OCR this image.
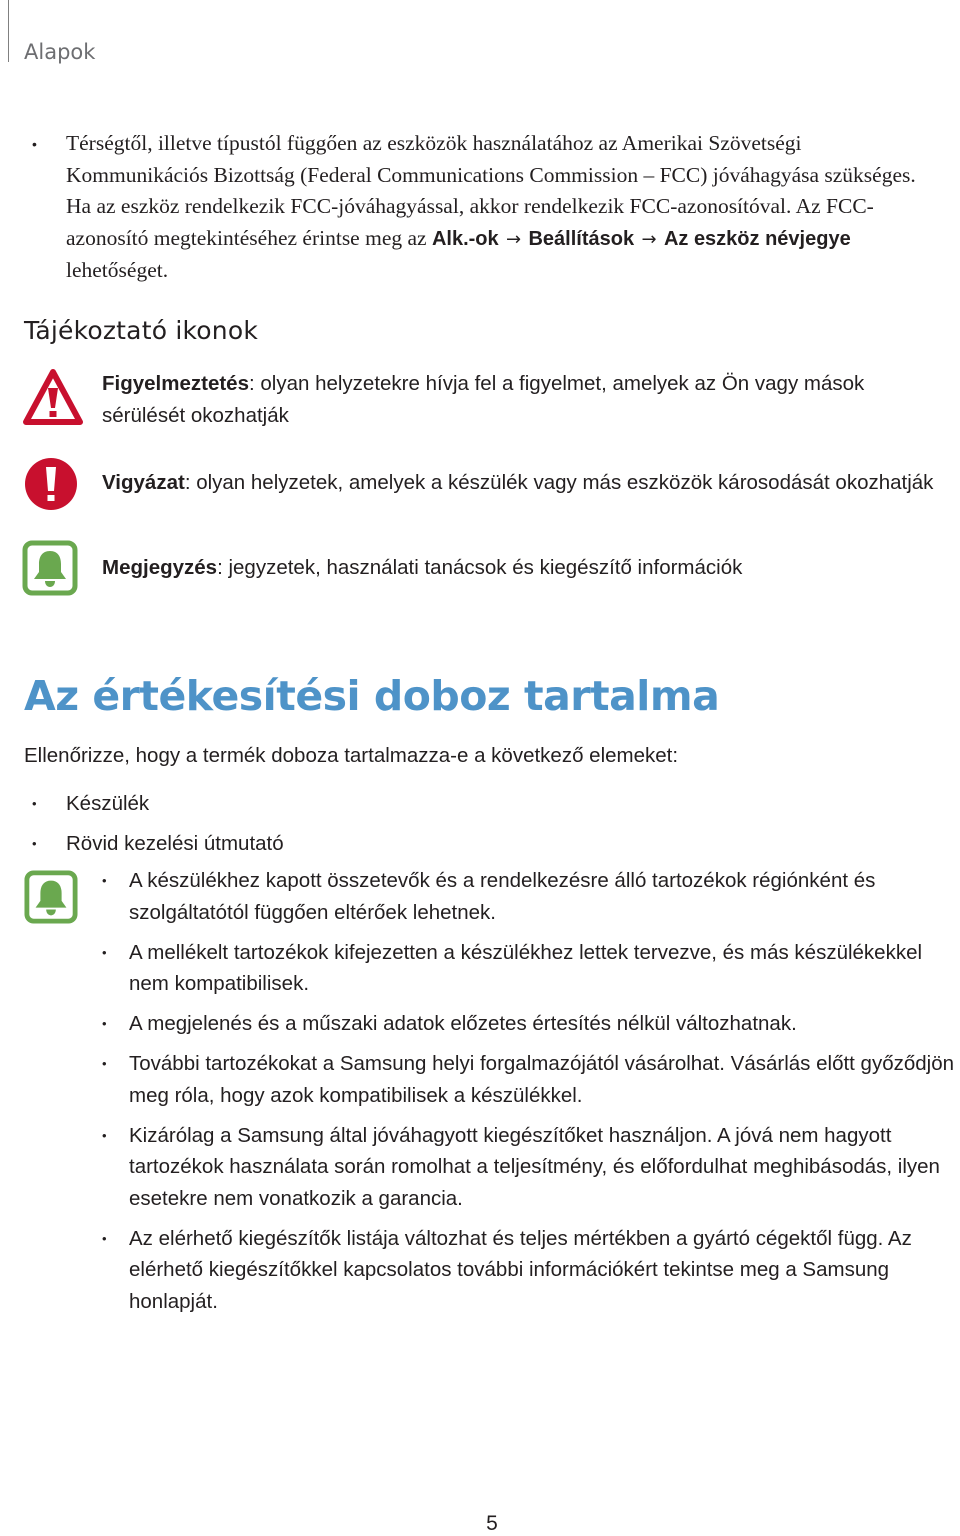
Alapok
•	Térségtől, illetve típustól függően az eszközök használatához az Amerikai Szövetségi Kommunikációs Bizottság (Federal Communications Commission – FCC) jóváhagyása szükséges. Ha az eszköz rendelkezik FCC-jóváhagyással, akkor rendelkezik FCC-azonosítóval. Az FCC-azonosító megtekintéséhez érintse meg az Alk.-ok → Beállítások → Az eszköz névjegye lehetőséget.
Tájékoztató ikonok
Figyelmeztetés: olyan helyzetekre hívja fel a figyelmet, amelyek az Ön vagy mások sérülését okozhatják
Vigyázat: olyan helyzetek, amelyek a készülék vagy más eszközök károsodását okozhatják
Megjegyzés: jegyzetek, használati tanácsok és kiegészítő információk
Az értékesítési doboz tartalma
Ellenőrizze, hogy a termék doboza tartalmazza-e a következő elemeket:
•	Készülék
•	Rövid kezelési útmutató
•	A készülékhez kapott összetevők és a rendelkezésre álló tartozékok régiónként és szolgáltatótól függően eltérőek lehetnek.
•	A mellékelt tartozékok kifejezetten a készülékhez lettek tervezve, és más készülékekkel nem kompatibilisek.
•	A megjelenés és a műszaki adatok előzetes értesítés nélkül változhatnak.
•	További tartozékokat a Samsung helyi forgalmazójától vásárolhat. Vásárlás előtt győződjön meg róla, hogy azok kompatibilisek a készülékkel.
•	Kizárólag a Samsung által jóváhagyott kiegészítőket használjon. A jóvá nem hagyott tartozékok használata során romolhat a teljesítmény, és előfordulhat meghibásodás, ilyen esetekre nem vonatkozik a garancia.
•	Az elérhető kiegészítők listája változhat és teljes mértékben a gyártó cégektől függ. Az elérhető kiegészítőkkel kapcsolatos további információkért tekintse meg a Samsung honlapját.
5
